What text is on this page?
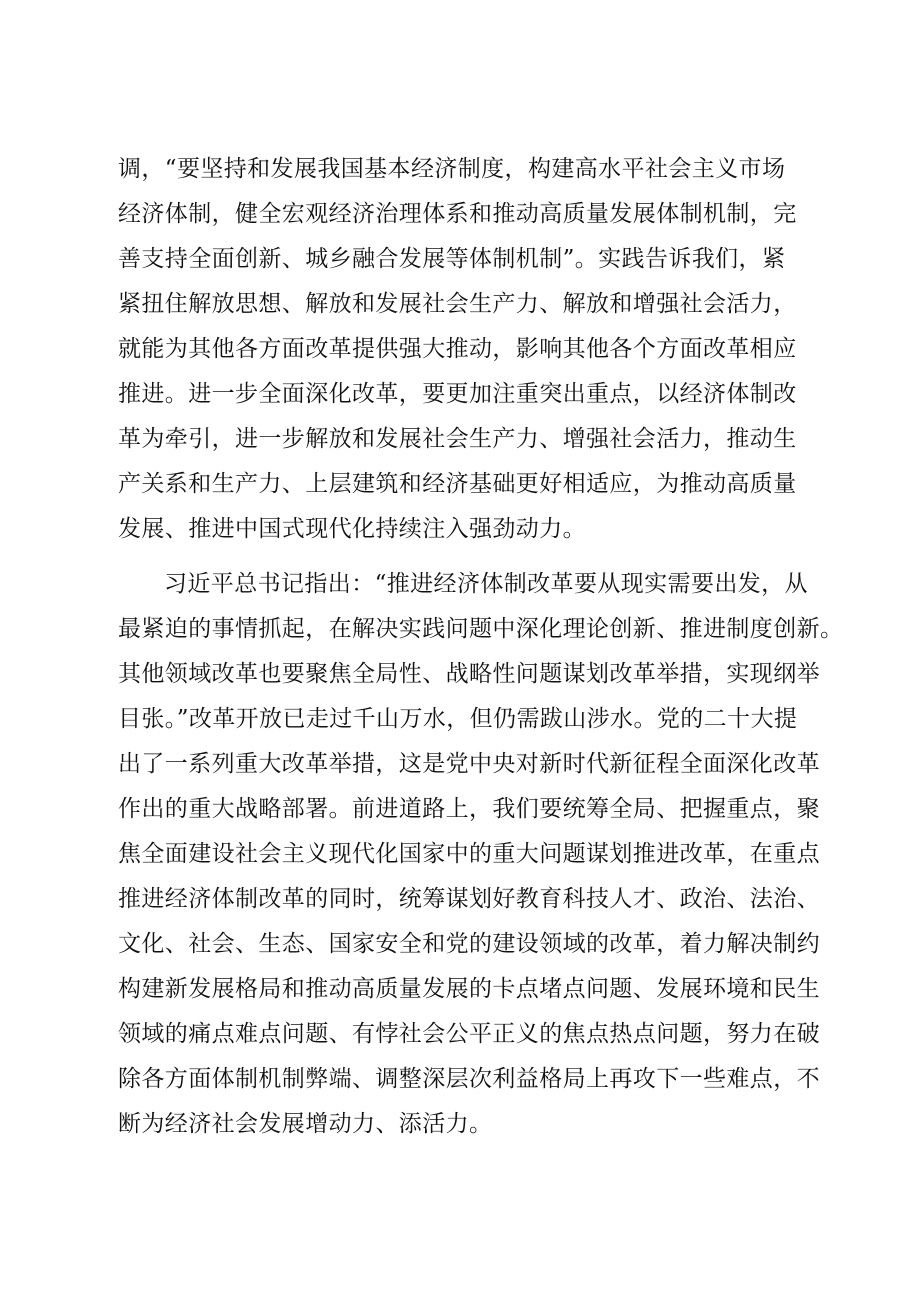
调，“要坚持和发展我国基本经济制度，构建高水平社会主义市场
经济体制，健全宏观经济治理体系和推动高质量发展体制机制，完
善支持全面创新、城乡融合发展等体制机制”。实践告诉我们，紧
紧扭住解放思想、解放和发展社会生产力、解放和增强社会活力，
就能为其他各方面改革提供强大推动，影响其他各个方面改革相应
推进。进一步全面深化改革，要更加注重突出重点，以经济体制改
革为牵引，进一步解放和发展社会生产力、增强社会活力，推动生
产关系和生产力、上层建筑和经济基础更好相适应，为推动高质量
发展、推进中国式现代化持续注入强劲动力。
习近平总书记指出：“推进经济体制改革要从现实需要出发，从
最紧迫的事情抓起，在解决实践问题中深化理论创新、推进制度创新。
其他领域改革也要聚焦全局性、战略性问题谋划改革举措，实现纲举
目张。”改革开放已走过千山万水，但仍需跋山涉水。党的二十大提
出了一系列重大改革举措，这是党中央对新时代新征程全面深化改革
作出的重大战略部署。前进道路上，我们要统筹全局、把握重点，聚
焦全面建设社会主义现代化国家中的重大问题谋划推进改革，在重点
推进经济体制改革的同时，统筹谋划好教育科技人才、政治、法治、
文化、社会、生态、国家安全和党的建设领域的改革，着力解决制约
构建新发展格局和推动高质量发展的卡点堵点问题、发展环境和民生
领域的痛点难点问题、有悖社会公平正义的焦点热点问题，努力在破
除各方面体制机制弊端、调整深层次利益格局上再攻下一些难点，不
断为经济社会发展增动力、添活力。
